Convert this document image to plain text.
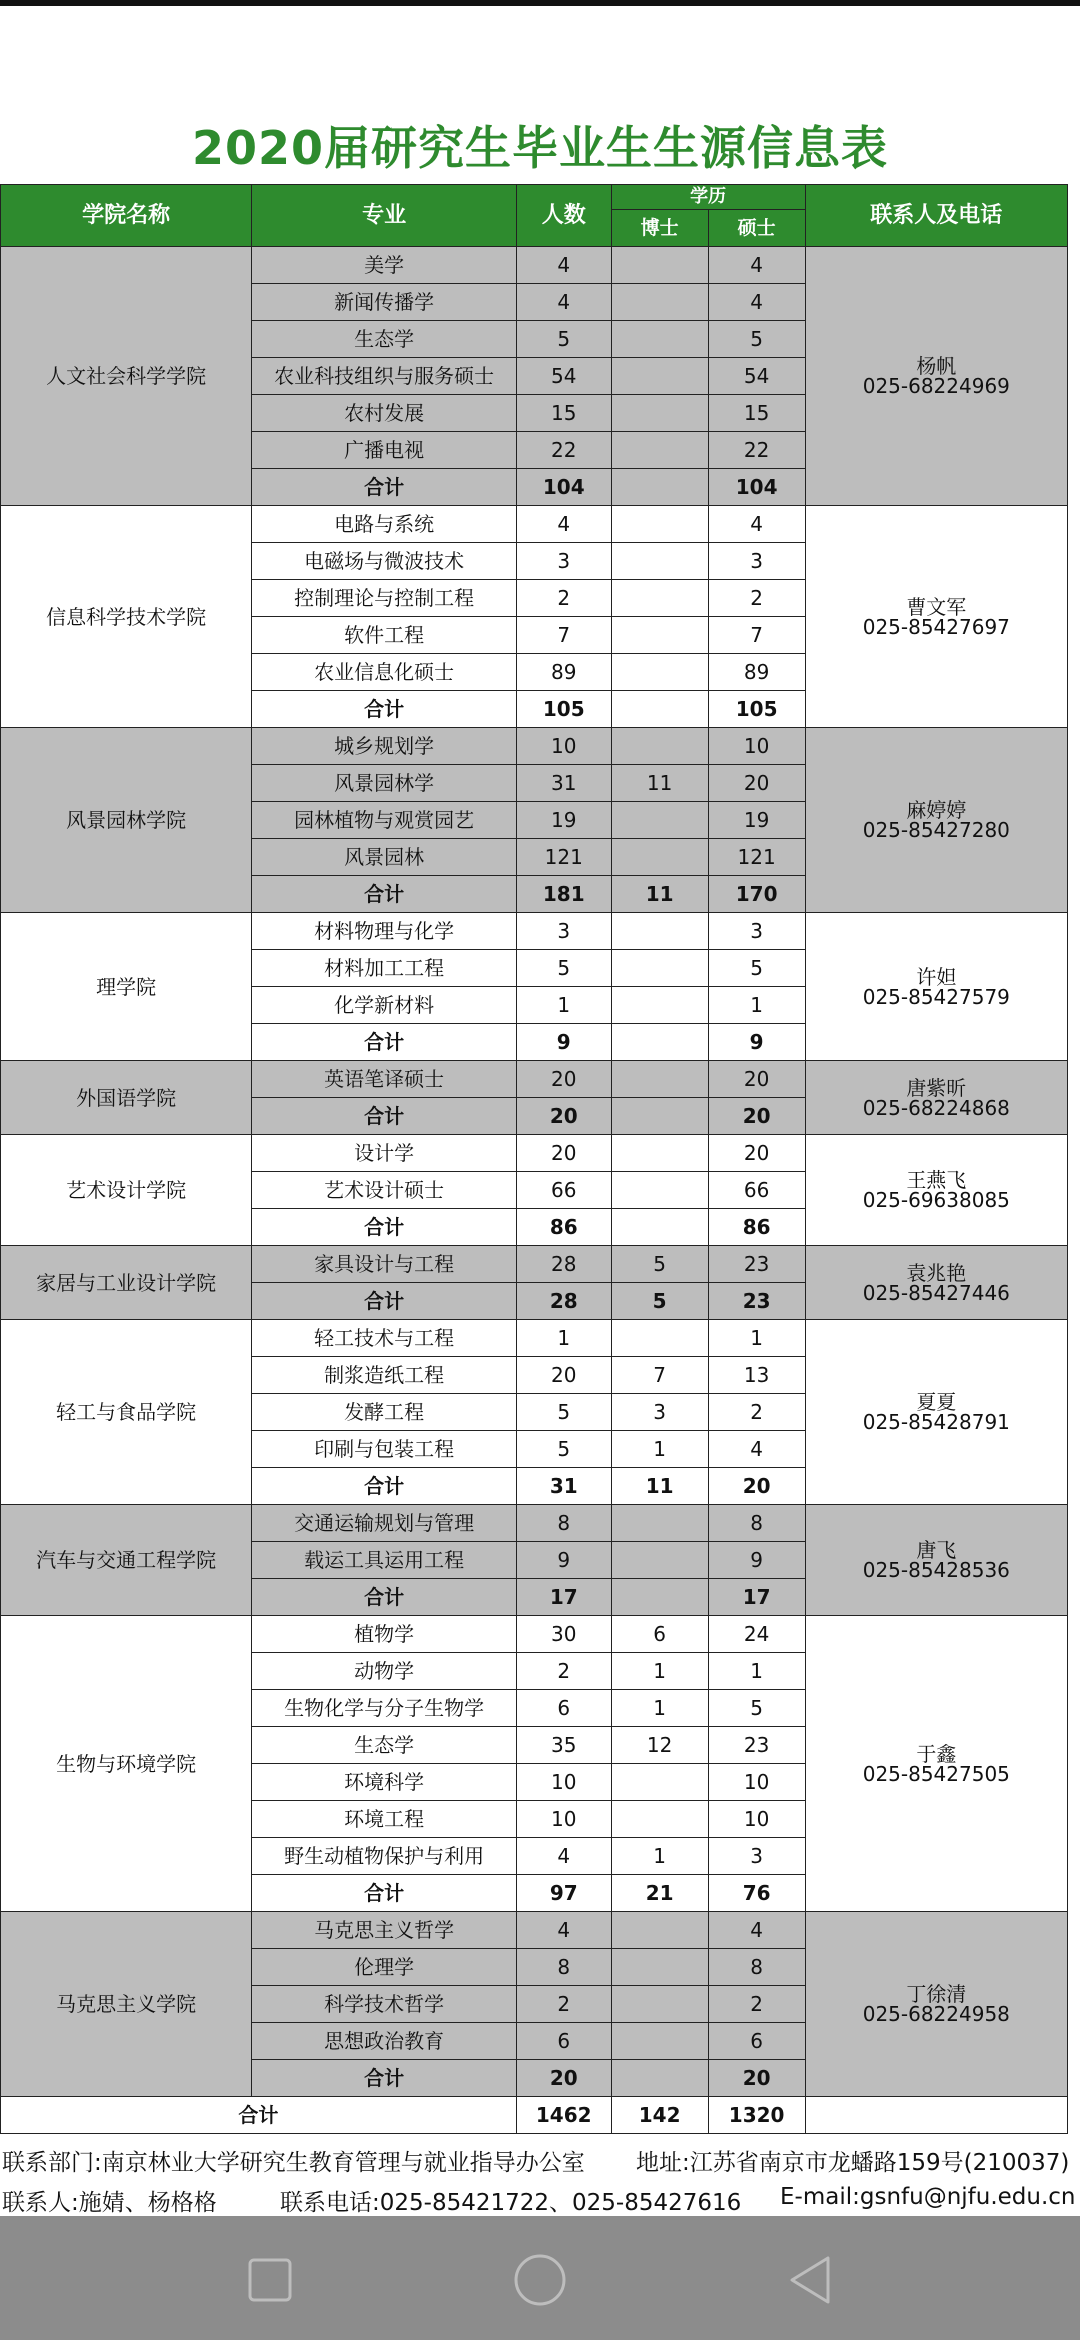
2020届研究生毕业生生源信息表
学院名称	专业	人数	学历		联系人及电话
			博士	硕士	
人文社会科学学院	美学	4		4	杨帆
025-68224969

	新闻传播学	4		4	
	生态学	5		5	
	农业科技组织与服务硕士	54		54	
	农村发展	15		15	
	广播电视	22		22	
	合计	104		104	
信息科学技术学院	电路与系统	4		4	曹文军
025-85427697

	电磁场与微波技术	3		3	
	控制理论与控制工程	2		2	
	软件工程	7		7	
	农业信息化硕士	89		89	
	合计	105		105	
风景园林学院	城乡规划学	10		10	麻婷婷
025-85427280

	风景园林学	31	11	20	
	园林植物与观赏园艺	19		19	
	风景园林	121		121	
	合计	181	11	170	
理学院	材料物理与化学	3		3	许妲
025-85427579

	材料加工工程	5		5	
	化学新材料	1		1	
	合计	9		9	
外国语学院	英语笔译硕士	20		20	唐紫昕
025-68224868

	合计	20		20	
艺术设计学院	设计学	20		20	王燕飞
025-69638085

	艺术设计硕士	66		66	
	合计	86		86	
家居与工业设计学院	家具设计与工程	28	5	23	袁兆艳
025-85427446

	合计	28	5	23	
轻工与食品学院	轻工技术与工程	1		1	夏夏
025-85428791

	制浆造纸工程	20	7	13	
	发酵工程	5	3	2	
	印刷与包装工程	5	1	4	
	合计	31	11	20	
汽车与交通工程学院	交通运输规划与管理	8		8	唐飞
025-85428536

	载运工具运用工程	9		9	
	合计	17		17	
生物与环境学院	植物学	30	6	24	于鑫
025-85427505

	动物学	2	1	1	
	生物化学与分子生物学	6	1	5	
	生态学	35	12	23	
	环境科学	10		10	
	环境工程	10		10	
	野生动植物保护与利用	4	1	3	
	合计	97	21	76	
马克思主义学院	马克思主义哲学	4		4	丁徐清
025-68224958

	伦理学	8		8	
	科学技术哲学	2		2	
	思想政治教育	6		6	
	合计	20		20	
合计		1462	142	1320	
联系部门:南京林业大学研究生教育管理与就业指导办公室 地址:江苏省南京市龙蟠路159号(210037)
联系人:施婧、杨格格	联系电话:025-85421722、025-85427616 E-mail:gsnfu@njfu.edu.cn
